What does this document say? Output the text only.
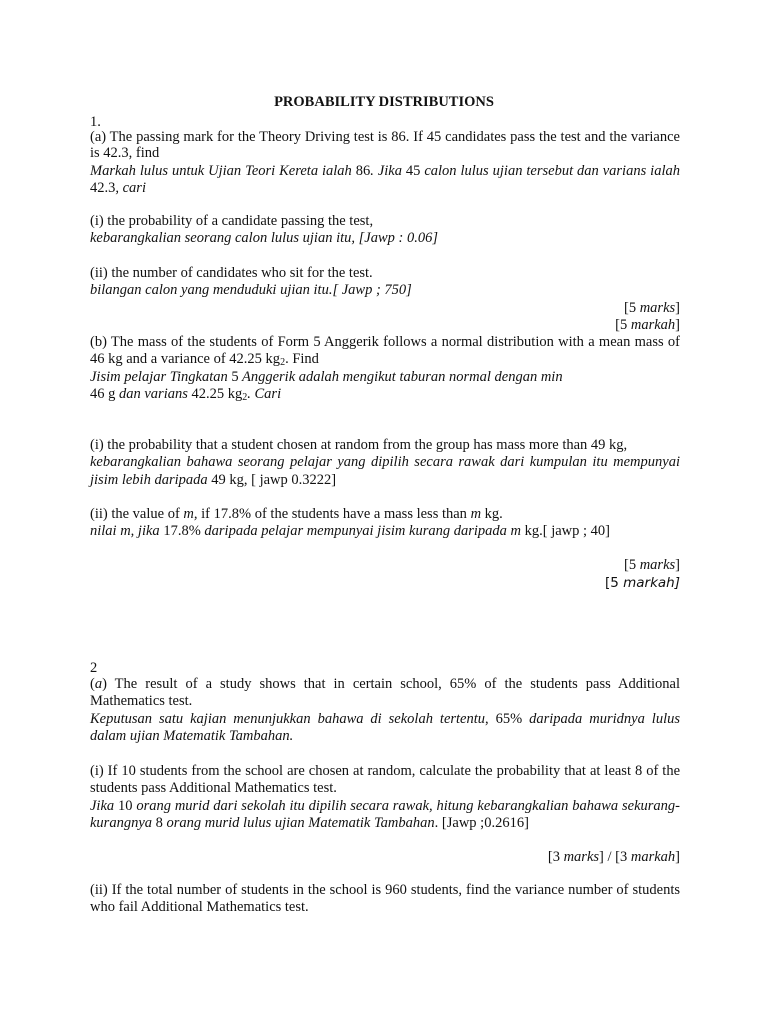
PROBABILITY DISTRIBUTIONS
1.
(a) The passing mark for the Theory Driving test is 86. If 45 candidates pass the test and the variance
is 42.3, find
Markah lulus untuk Ujian Teori Kereta ialah 86. Jika 45 calon lulus ujian tersebut dan varians ialah
42.3, cari
(i) the probability of a candidate passing the test,
kebarangkalian seorang calon lulus ujian itu, [Jawp : 0.06]
(ii) the number of candidates who sit for the test.
bilangan calon yang menduduki ujian itu.[ Jawp ; 750]
[5 marks]
[5 markah]
(b) The mass of the students of Form 5 Anggerik follows a normal distribution with a mean mass of
46 kg and a variance of 42.25 $kg_2$. Find
Jisim pelajar Tingkatan 5 Anggerik adalah mengikut taburan normal dengan min
46 g dan varians 42.25 $kg_2$. Cari
(i) the probability that a student chosen at random from the group has mass more than 49 kg,
kebarangkalian bahawa seorang pelajar yang dipilih secara rawak dari kumpulan itu mempunyai
jisim lebih daripada 49 kg, [ jawp 0.3222]
(ii) the value of m, if 17.8% of the students have a mass less than m kg.
nilai m, jika 17.8% daripada pelajar mempunyai jisim kurang daripada m kg.[ jawp ; 40]
[5 marks]
[5 markah]
2
(a) The result of a study shows that in certain school, 65% of the students pass Additional
Mathematics test.
Keputusan satu kajian menunjukkan bahawa di sekolah tertentu, 65% daripada muridnya lulus
dalam ujian Matematik Tambahan.
(i) If 10 students from the school are chosen at random, calculate the probability that at least 8 of the
students pass Additional Mathematics test.
Jika 10 orang murid dari sekolah itu dipilih secara rawak, hitung kebarangkalian bahawa sekurang-
kurangnya 8 orang murid lulus ujian Matematik Tambahan. [Jawp ;0.2616]
[3 marks] / [3 markah]
(ii) If the total number of students in the school is 960 students, find the variance number of students
who fail Additional Mathematics test.
